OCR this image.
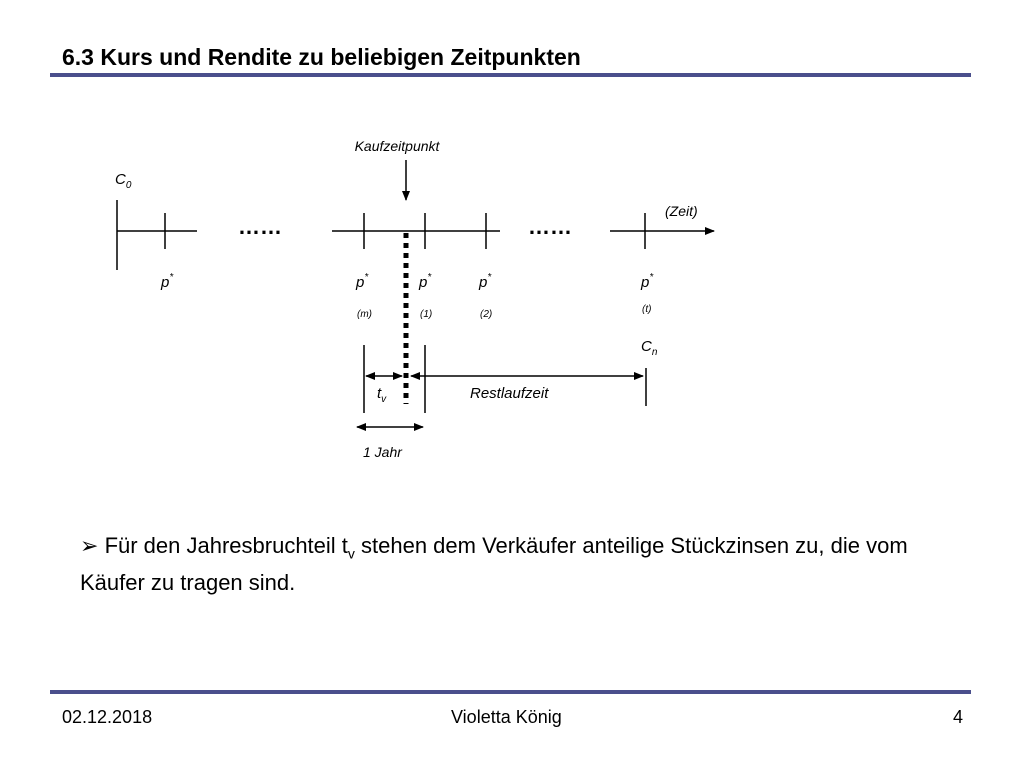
6.3 Kurs und Rendite zu beliebigen Zeitpunkten
Kaufzeitpunkt
$C_0$
……	……
(Zeit)
p*	p*	p*	p*	p*
(m)	(1)	(2)	(t)
$C_n$
$t_v$	Restlaufzeit
1 Jahr
➢ Für den Jahresbruchteil $t_v$ stehen dem Verkäufer anteilige Stückzinsen zu, die vom Käufer zu tragen sind.
02.12.2018	Violetta König	4
